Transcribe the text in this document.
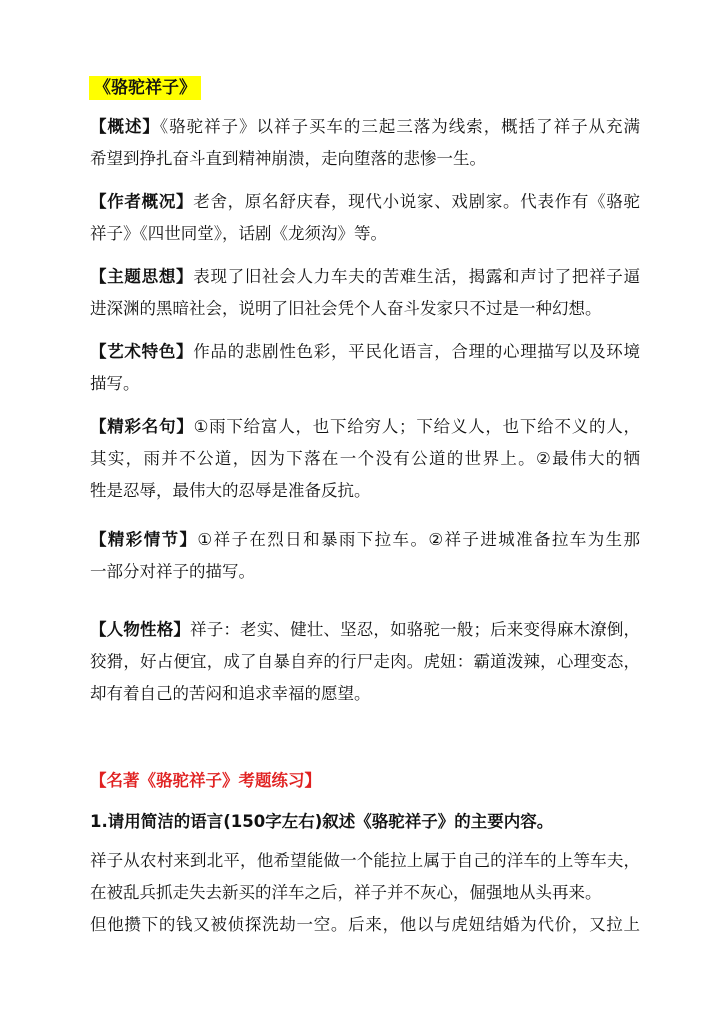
《骆驼祥子》
【概述】《骆驼祥子》以祥子买车的三起三落为线索，概括了祥子从充满
希望到挣扎奋斗直到精神崩溃，走向堕落的悲惨一生。
【作者概况】老舍，原名舒庆春，现代小说家、戏剧家。代表作有《骆驼
祥子》《四世同堂》，话剧《龙须沟》等。
【主题思想】表现了旧社会人力车夫的苦难生活，揭露和声讨了把祥子逼
进深渊的黑暗社会，说明了旧社会凭个人奋斗发家只不过是一种幻想。
【艺术特色】作品的悲剧性色彩，平民化语言，合理的心理描写以及环境
描写。
【精彩名句】①雨下给富人，也下给穷人；下给义人，也下给不义的人，
其实，雨并不公道，因为下落在一个没有公道的世界上。②最伟大的牺
牲是忍辱，最伟大的忍辱是准备反抗。
【精彩情节】①祥子在烈日和暴雨下拉车。②祥子进城准备拉车为生那
一部分对祥子的描写。
【人物性格】祥子：老实、健壮、坚忍，如骆驼一般；后来变得麻木潦倒，
狡猾，好占便宜，成了自暴自弃的行尸走肉。虎妞：霸道泼辣，心理变态，
却有着自己的苦闷和追求幸福的愿望。
【名著《骆驼祥子》考题练习】
1.请用简洁的语言(150字左右)叙述《骆驼祥子》的主要内容。
祥子从农村来到北平，他希望能做一个能拉上属于自己的洋车的上等车夫，
在被乱兵抓走失去新买的洋车之后，祥子并不灰心，倔强地从头再来。
但他攒下的钱又被侦探洗劫一空。后来，他以与虎妞结婚为代价，又拉上
